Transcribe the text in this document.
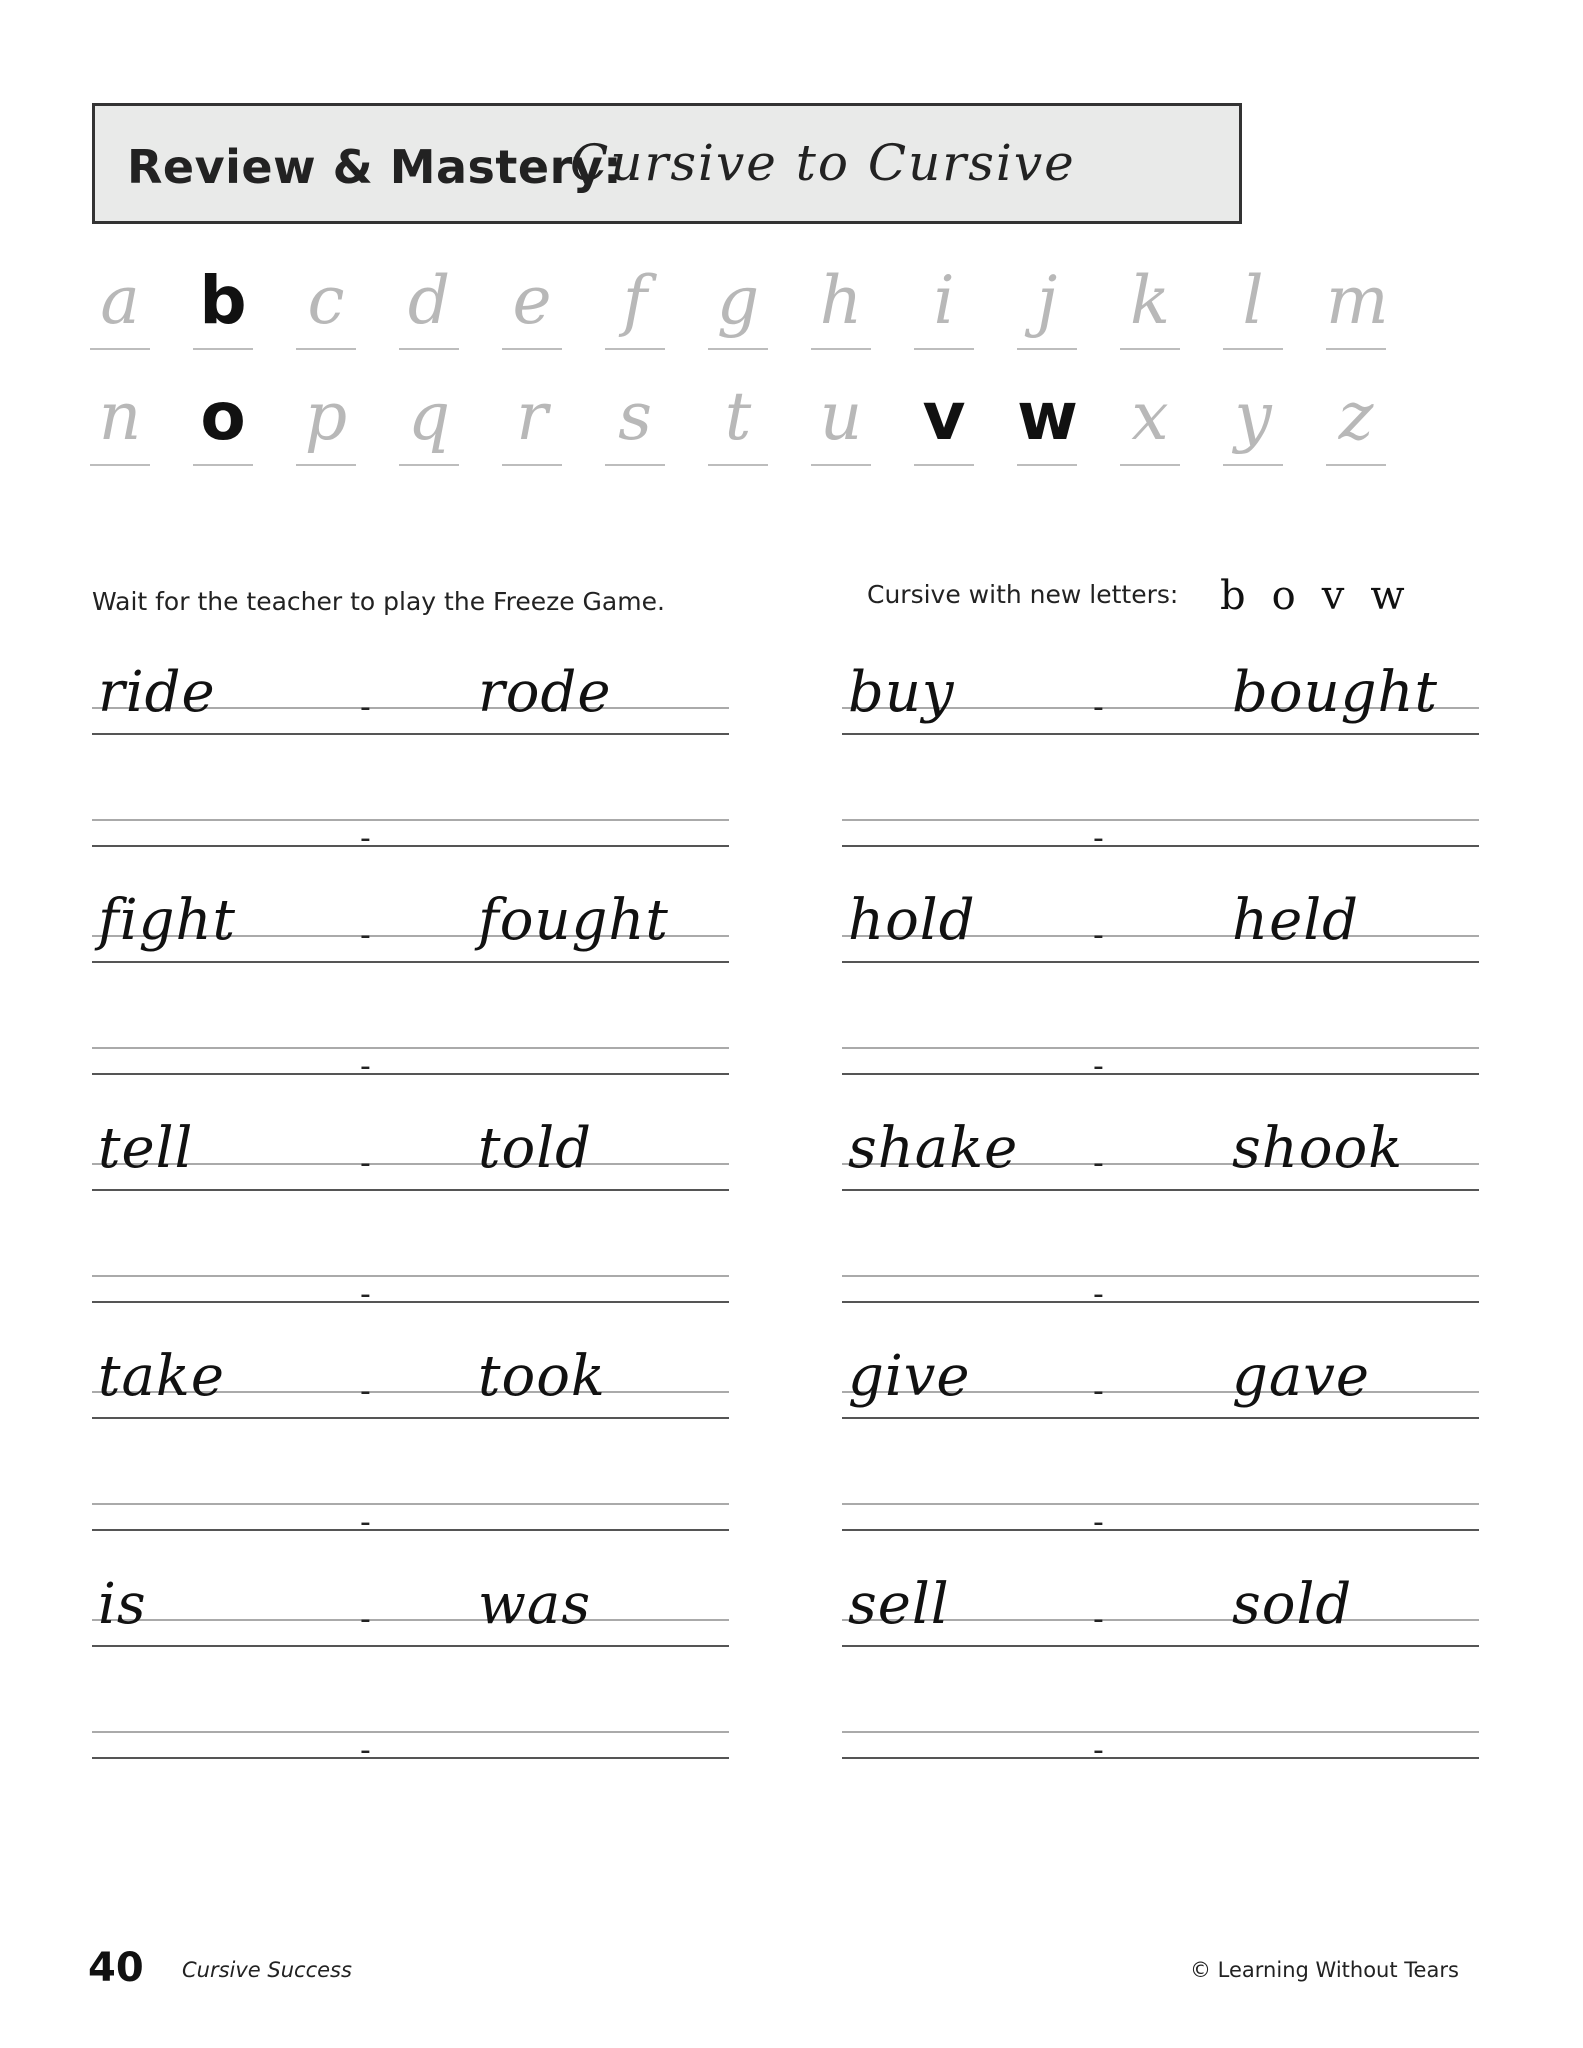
Review & Mastery:
Cursive to Cursive
a b c d e f g h i j k l m
n o p q r s t u v w x y z
Wait for the teacher to play the Freeze Game.	Cursive with new letters: b o v w
ride	- rode
-
fight	- fought
-
tell	- told
-
take	- took
-
is	- was
-
buy	- bought
-
hold	- held
-
shake - shook
-
give	- gave
-
sell	- sold
-
40 Cursive Success	© Learning Without Tears
